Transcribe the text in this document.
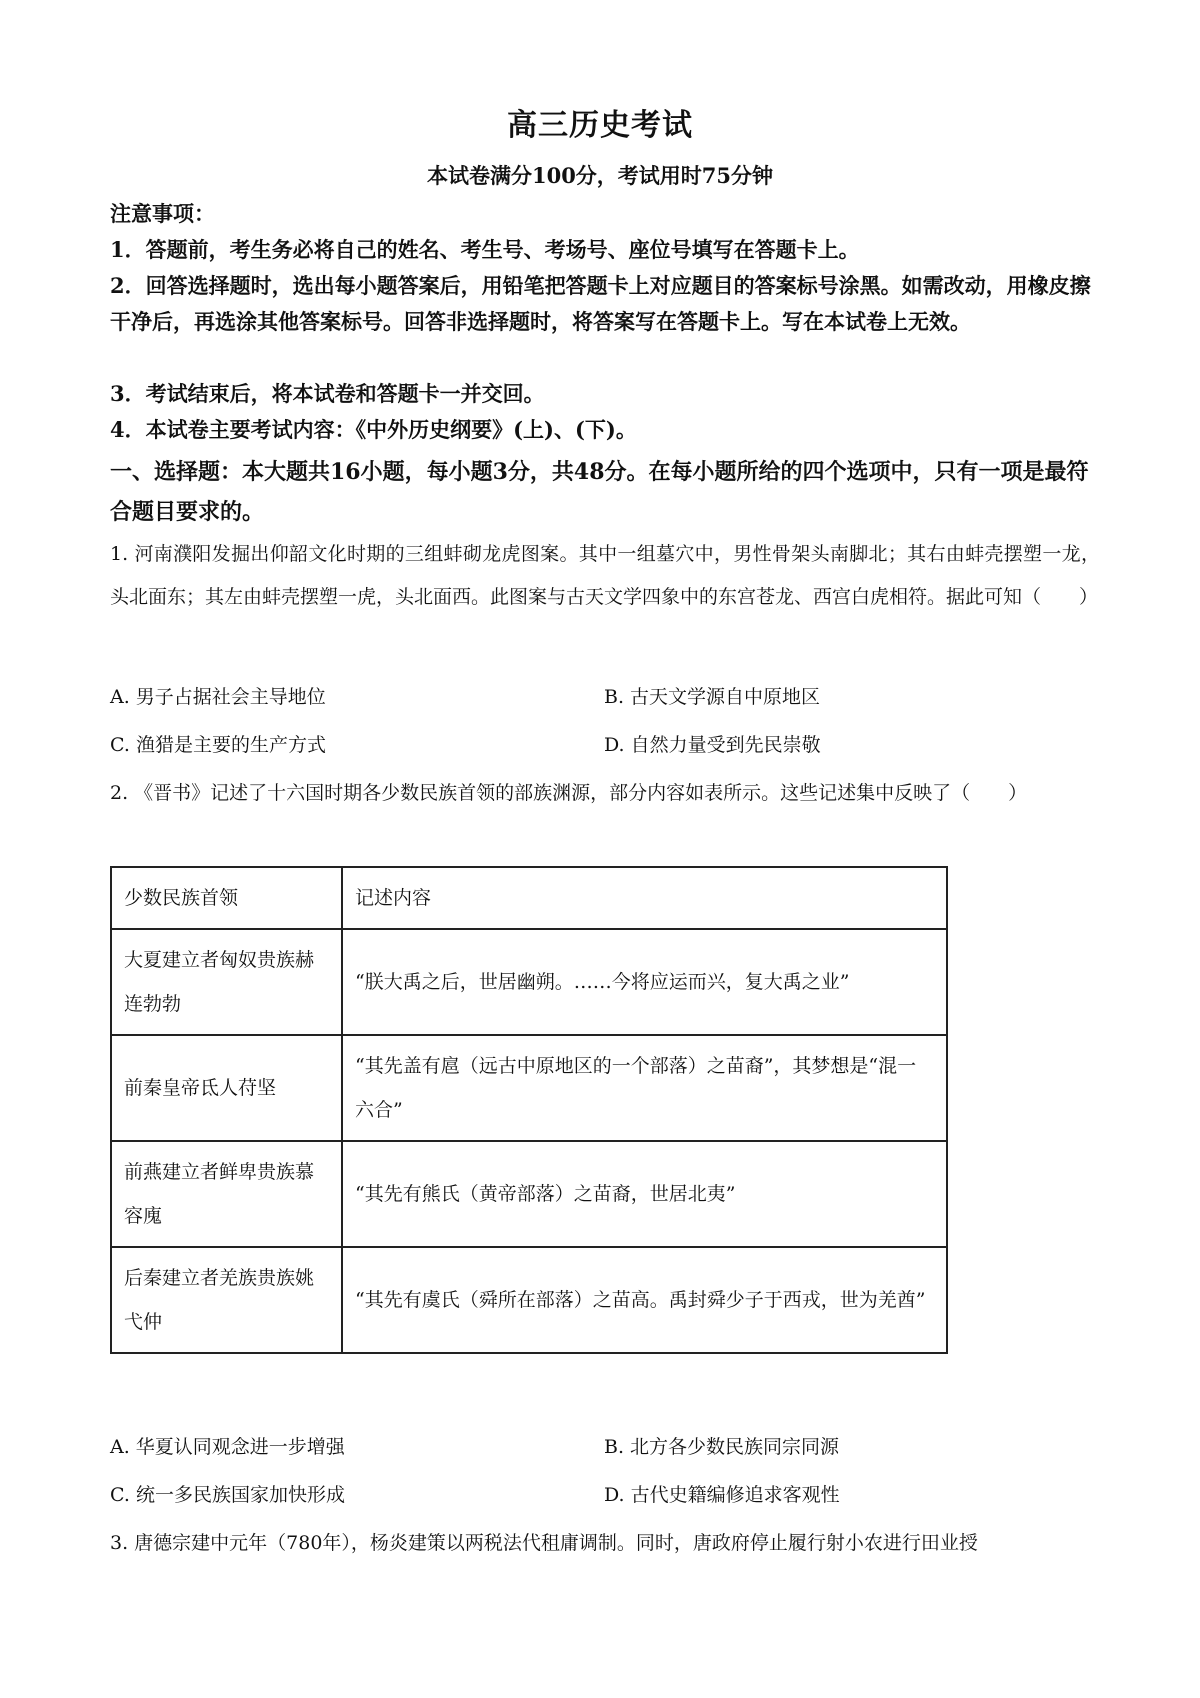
高三历史考试
本试卷满分100分，考试用时75分钟
注意事项：
1．答题前，考生务必将自己的姓名、考生号、考场号、座位号填写在答题卡上。
2．回答选择题时，选出每小题答案后，用铅笔把答题卡上对应题目的答案标号涂黑。如需改动，用橡皮擦干净后，再选涂其他答案标号。回答非选择题时，将答案写在答题卡上。写在本试卷上无效。
3．考试结束后，将本试卷和答题卡一并交回。
4．本试卷主要考试内容：《中外历史纲要》(上)、(下)。
一、选择题：本大题共16小题，每小题3分，共48分。在每小题所给的四个选项中，只有一项是最符合题目要求的。
1. 河南濮阳发掘出仰韶文化时期的三组蚌砌龙虎图案。其中一组墓穴中，男性骨架头南脚北；其右由蚌壳摆塑一龙，头北面东；其左由蚌壳摆塑一虎，头北面西。此图案与古天文学四象中的东宫苍龙、西宫白虎相符。据此可知（　　）
A. 男子占据社会主导地位	B. 古天文学源自中原地区
C. 渔猎是主要的生产方式	D. 自然力量受到先民崇敬
2. 《晋书》记述了十六国时期各少数民族首领的部族渊源，部分内容如表所示。这些记述集中反映了（　　）
少数民族首领	记述内容
大夏建立者匈奴贵族赫连勃勃	“朕大禹之后，世居幽朔。……今将应运而兴，复大禹之业”
前秦皇帝氐人苻坚	“其先盖有扈（远古中原地区的一个部落）之苗裔”，其梦想是“混一六合”
前燕建立者鲜卑贵族慕容廆	“其先有熊氏（黄帝部落）之苗裔，世居北夷”
后秦建立者羌族贵族姚弋仲	“其先有虞氏（舜所在部落）之苗高。禹封舜少子于西戎，世为羌酋”
A. 华夏认同观念进一步增强	B. 北方各少数民族同宗同源
C. 统一多民族国家加快形成	D. 古代史籍编修追求客观性
3. 唐德宗建中元年（780年），杨炎建策以两税法代租庸调制。同时，唐政府停止履行射小农进行田业授
